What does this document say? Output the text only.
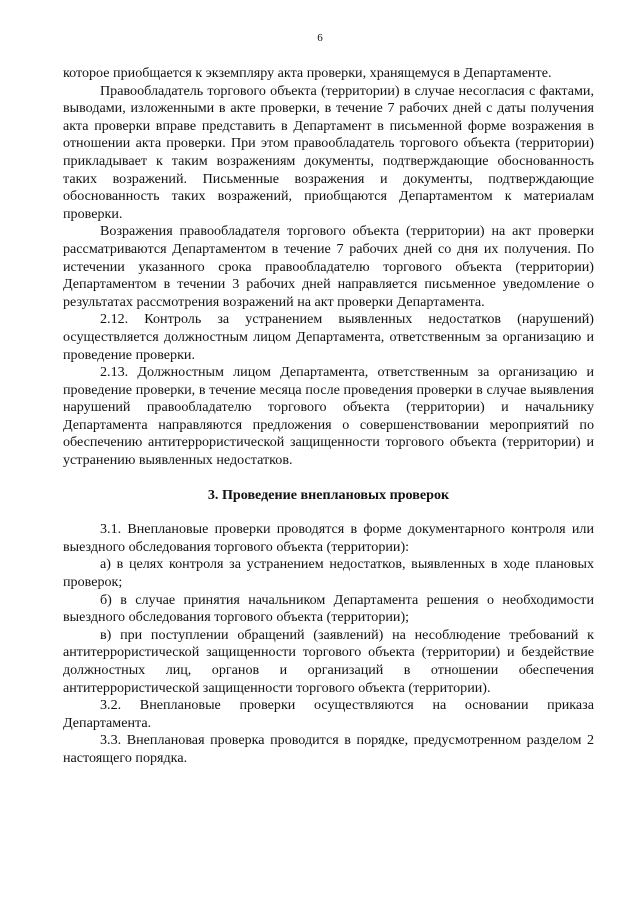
6

которое приобщается к экземпляру акта проверки, хранящемуся в Департаменте.

Правообладатель торгового объекта (территории) в случае несогласия с фактами, выводами, изложенными в акте проверки, в течение 7 рабочих дней с даты получения акта проверки вправе представить в Департамент в письменной форме возражения в отношении акта проверки. При этом правообладатель торгового объекта (территории) прикладывает к таким возражениям документы, подтверждающие обоснованность таких возражений. Письменные возражения и документы, подтверждающие обоснованность таких возражений, приобщаются Департаментом к материалам проверки.

Возражения правообладателя торгового объекта (территории) на акт проверки рассматриваются Департаментом в течение 7 рабочих дней со дня их получения. По истечении указанного срока правообладателю торгового объекта (территории) Департаментом в течении 3 рабочих дней направляется письменное уведомление о результатах рассмотрения возражений на акт проверки Департамента.

2.12. Контроль за устранением выявленных недостатков (нарушений) осуществляется должностным лицом Департамента, ответственным за организацию и проведение проверки.

2.13. Должностным лицом Департамента, ответственным за организацию и проведение проверки, в течение месяца после проведения проверки в случае выявления нарушений правообладателю торгового объекта (территории) и начальнику Департамента направляются предложения о совершенствовании мероприятий по обеспечению антитеррористической защищенности торгового объекта (территории) и устранению выявленных недостатков.

3. Проведение внеплановых проверок

3.1. Внеплановые проверки проводятся в форме документарного контроля или выездного обследования торгового объекта (территории):

а) в целях контроля за устранением недостатков, выявленных в ходе плановых проверок;

б) в случае принятия начальником Департамента решения о необходимости выездного обследования торгового объекта (территории);

в) при поступлении обращений (заявлений) на несоблюдение требований к антитеррористической защищенности торгового объекта (территории) и бездействие должностных лиц, органов и организаций в отношении обеспечения антитеррористической защищенности торгового объекта (территории).

3.2. Внеплановые проверки осуществляются на основании приказа Департамента.

3.3. Внеплановая проверка проводится в порядке, предусмотренном разделом 2 настоящего порядка.
